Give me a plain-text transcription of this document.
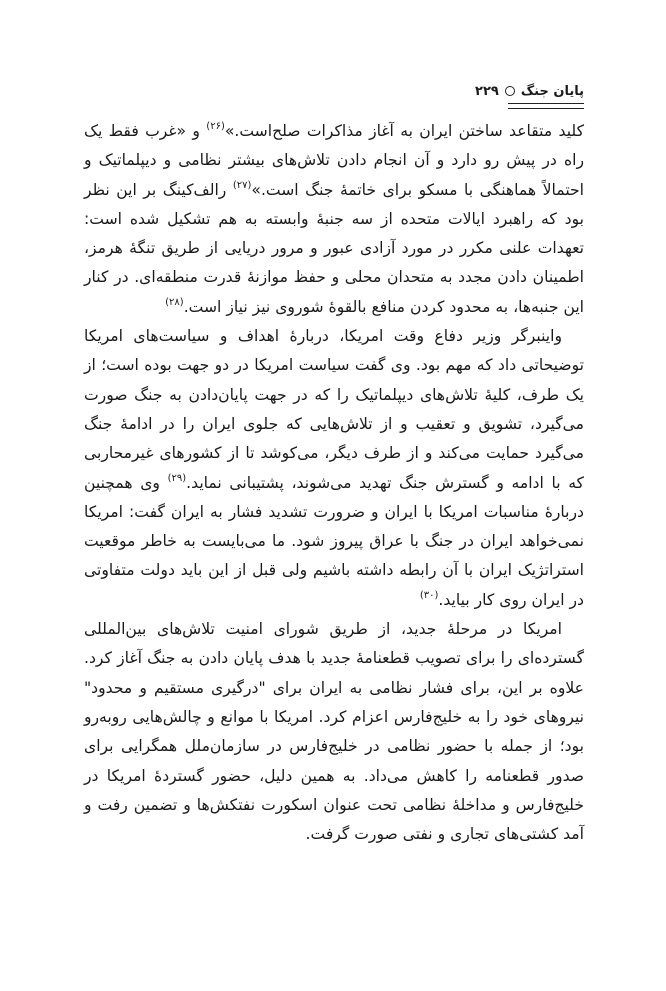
پایان جنگ
۲۲۹

کلید متقاعد ساختن ایران به آغاز مذاکرات صلح‌است.»$^{(۲۶)}$ و «غرب فقط یک راه در پیش رو دارد و آن انجام دادن تلاش‌های بیشتر نظامی و دیپلماتیک و احتمالاً هماهنگی با مسکو برای خاتمهٔ جنگ است.»$^{(۲۷)}$ رالف‌کینگ بر این نظر بود که راهبرد ایالات متحده از سه جنبهٔ وابسته به هم تشکیل شده است: تعهدات علنی مکرر در مورد آزادی عبور و مرور دریایی از طریق تنگهٔ هرمز، اطمینان دادن مجدد به متحدان محلی و حفظ موازنهٔ قدرت منطقه‌ای. در کنار این جنبه‌ها، به محدود کردن منافع بالقوهٔ شوروی نیز نیاز است.$^{(۲۸)}$

واینبرگر وزیر دفاع وقت امریکا، دربارهٔ اهداف و سیاست‌های امریکا توضیحاتی داد که مهم بود. وی گفت سیاست امریکا در دو جهت بوده است؛ از یک طرف، کلیهٔ تلاش‌های دیپلماتیک را که در جهت پایان‌دادن به جنگ صورت می‌گیرد، تشویق و تعقیب و از تلاش‌هایی که جلوی ایران را در ادامهٔ جنگ می‌گیرد حمایت می‌کند و از طرف دیگر، می‌کوشد تا از کشورهای غیرمحاربی که با ادامه و گسترش جنگ تهدید می‌شوند، پشتیبانی نماید.$^{(۲۹)}$ وی همچنین دربارهٔ مناسبات امریکا با ایران و ضرورت تشدید فشار به ایران گفت: امریکا نمی‌خواهد ایران در جنگ با عراق پیروز شود. ما می‌بایست به خاطر موقعیت استراتژیک ایران با آن رابطه داشته باشیم ولی قبل از این باید دولت متفاوتی در ایران روی کار بیاید.$^{(۳۰)}$

امریکا در مرحلهٔ جدید، از طریق شورای امنیت تلاش‌های بین‌المللی گسترده‌ای را برای تصویب قطعنامهٔ جدید با هدف پایان دادن به جنگ آغاز کرد. علاوه بر این، برای فشار نظامی به ایران برای "درگیری مستقیم و محدود" نیروهای خود را به خلیج‌فارس اعزام کرد. امریکا با موانع و چالش‌هایی روبه‌رو بود؛ از جمله با حضور نظامی در خلیج‌فارس در سازمان‌ملل همگرایی برای صدور قطعنامه را کاهش می‌داد. به همین دلیل، حضور گستردهٔ امریکا در خلیج‌فارس و مداخلهٔ نظامی تحت عنوان اسکورت نفتکش‌ها و تضمین رفت و آمد کشتی‌های تجاری و نفتی صورت گرفت.
